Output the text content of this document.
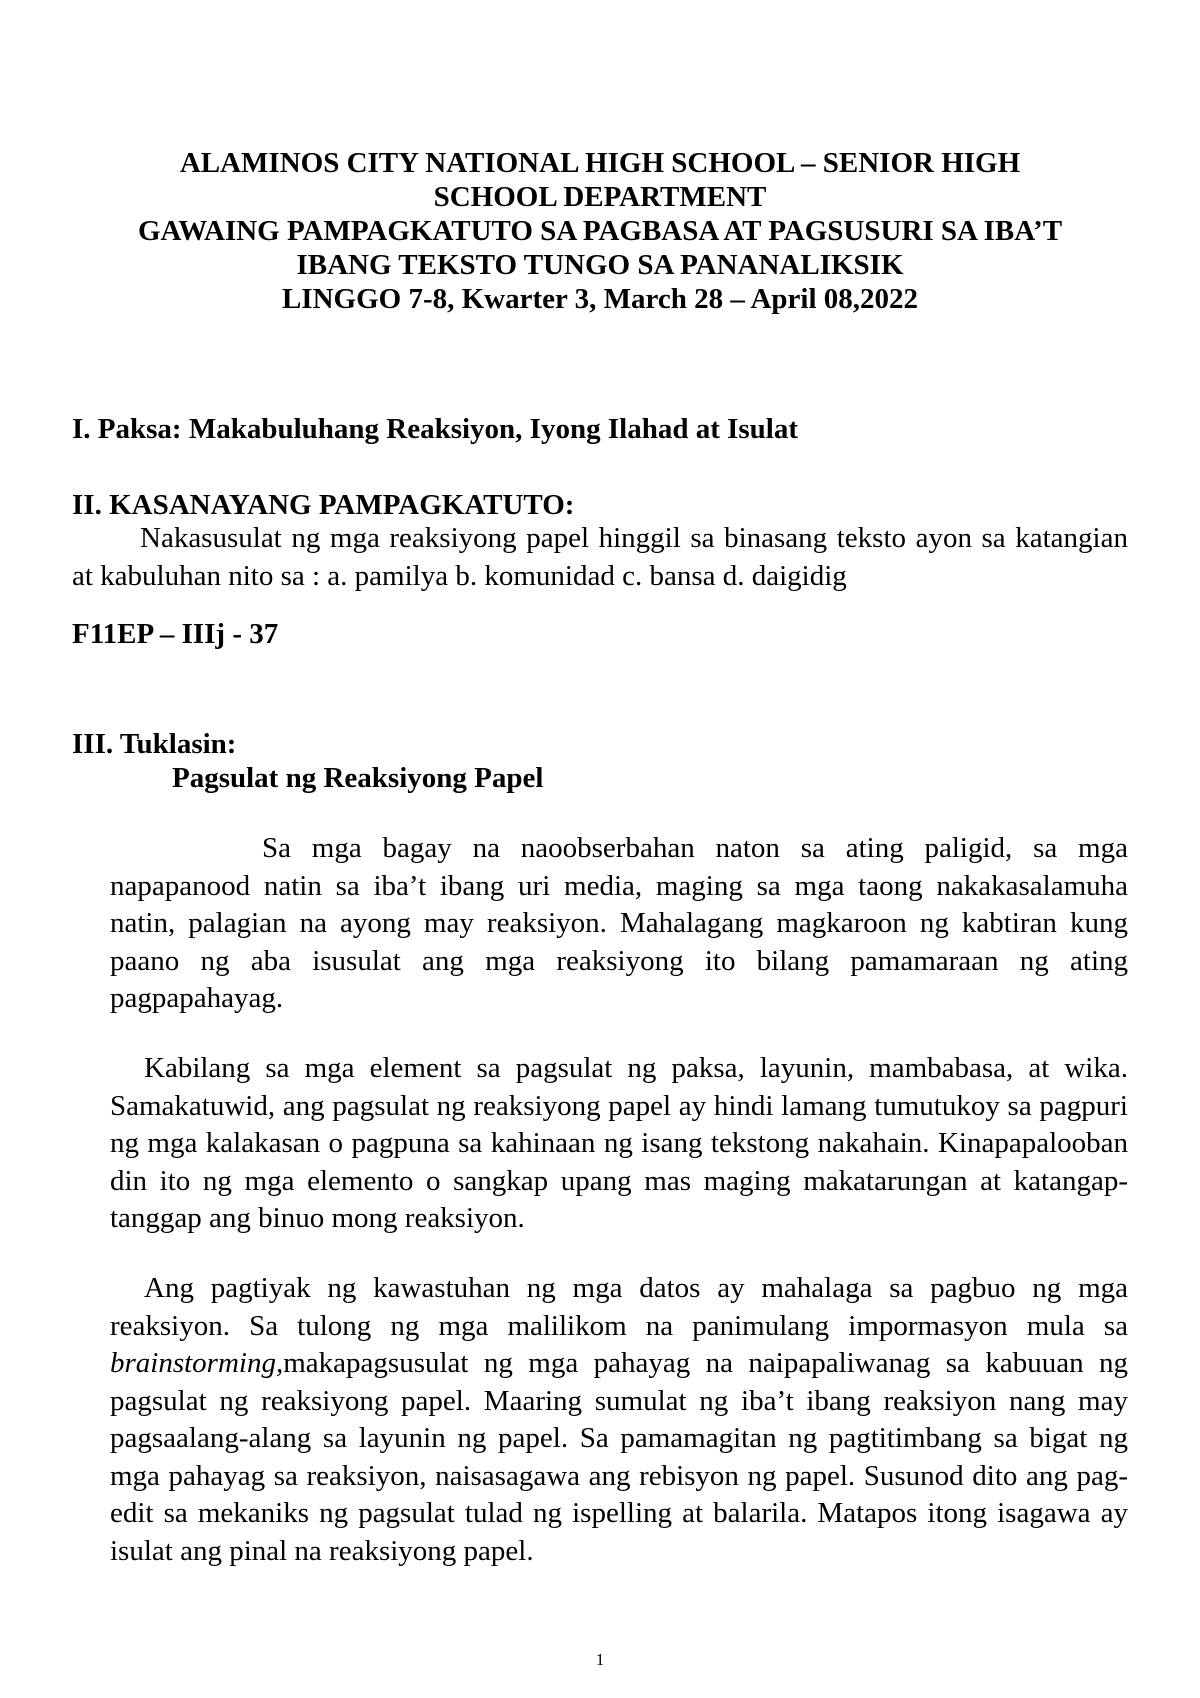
ALAMINOS CITY NATIONAL HIGH SCHOOL – SENIOR HIGH
SCHOOL DEPARTMENT
GAWAING PAMPAGKATUTO SA PAGBASA AT PAGSUSURI SA IBA’T
IBANG TEKSTO TUNGO SA PANANALIKSIK
LINGGO 7-8, Kwarter 3, March 28 – April 08,2022
I. Paksa: Makabuluhang Reaksiyon, Iyong Ilahad at Isulat
II. KASANAYANG PAMPAGKATUTO:
Nakasusulat ng mga reaksiyong papel hinggil sa binasang teksto ayon sa katangian at kabuluhan nito sa : a. pamilya b. komunidad c. bansa d. daigidig
F11EP – IIIj - 37
III. Tuklasin:
Pagsulat ng Reaksiyong Papel
Sa mga bagay na naoobserbahan naton sa ating paligid, sa mga napapanood natin sa iba’t ibang uri media, maging sa mga taong nakakasalamuha natin, palagian na ayong may reaksiyon. Mahalagang magkaroon ng kabtiran kung paano ng aba isusulat ang mga reaksiyong ito bilang pamamaraan ng ating pagpapahayag.
Kabilang sa mga element sa pagsulat ng paksa, layunin, mambabasa, at wika. Samakatuwid, ang pagsulat ng reaksiyong papel ay hindi lamang tumutukoy sa pagpuri ng mga kalakasan o pagpuna sa kahinaan ng isang tekstong nakahain. Kinapapalooban din ito ng mga elemento o sangkap upang mas maging makatarungan at katangap-tanggap ang binuo mong reaksiyon.
Ang pagtiyak ng kawastuhan ng mga datos ay mahalaga sa pagbuo ng mga reaksiyon. Sa tulong ng mga malilikom na panimulang impormasyon mula sa brainstorming,makapagsusulat ng mga pahayag na naipapaliwanag sa kabuuan ng pagsulat ng reaksiyong papel. Maaring sumulat ng iba’t ibang reaksiyon nang may pagsaalang-alang sa layunin ng papel. Sa pamamagitan ng pagtitimbang sa bigat ng mga pahayag sa reaksiyon, naisasagawa ang rebisyon ng papel. Susunod dito ang pag-edit sa mekaniks ng pagsulat tulad ng ispelling at balarila. Matapos itong isagawa ay isulat ang pinal na reaksiyong papel.
1
